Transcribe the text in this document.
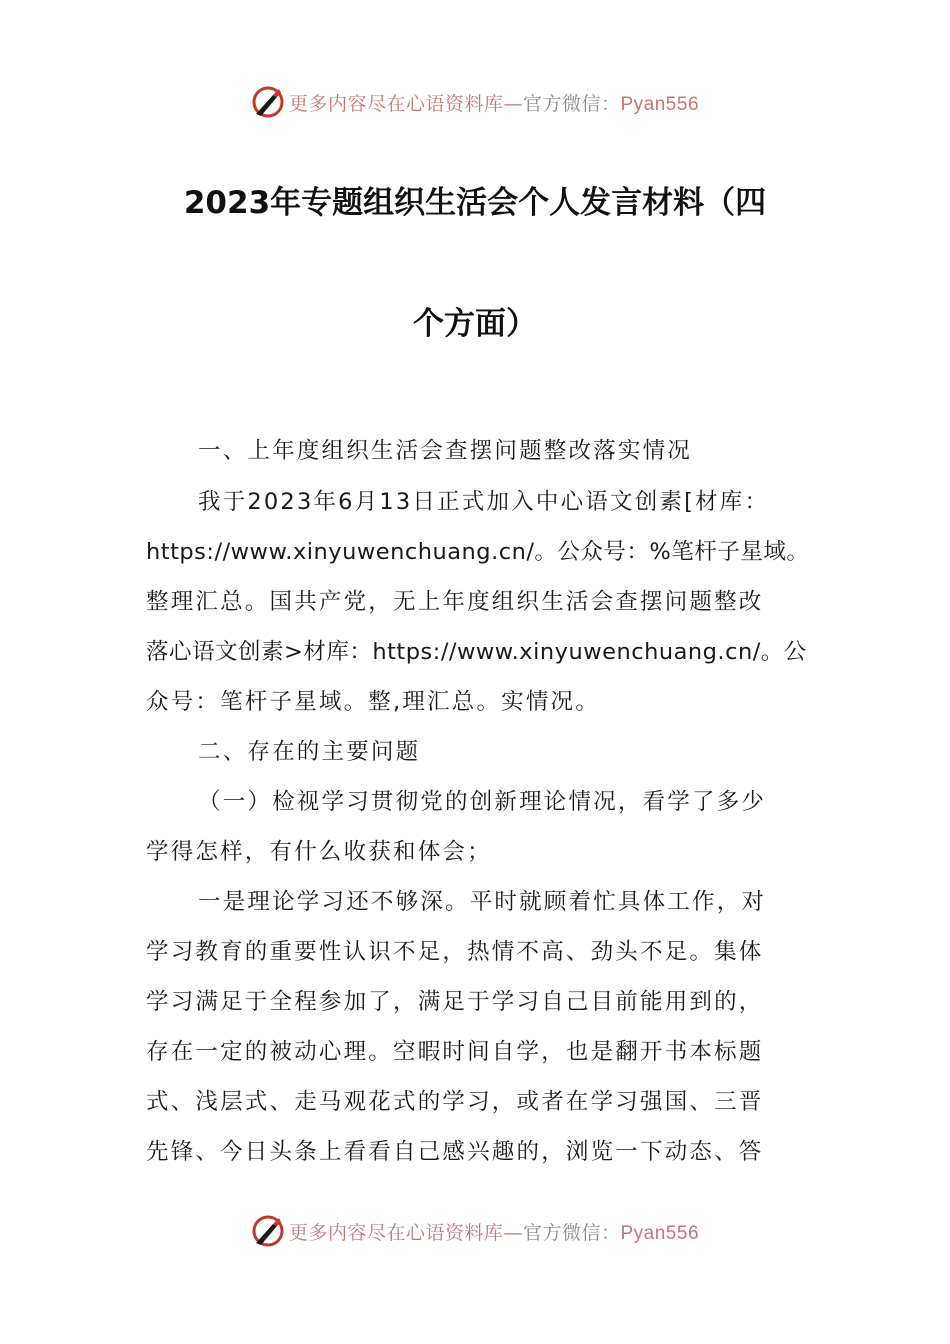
更多内容尽在心语资料库—官方微信：Pyan556
2023年专题组织生活会个人发言材料（四
个方面）
一、上年度组织生活会查摆问题整改落实情况
我于2023年6月13日正式加入中心语文创素[材库：
https://www.xinyuwenchuang.cn/。公众号：%笔杆子星域。
整理汇总。国共产党，无上年度组织生活会查摆问题整改
落心语文创素>材库：https://www.xinyuwenchuang.cn/。公
众号：笔杆子星域。整,理汇总。实情况。
二、存在的主要问题
（一）检视学习贯彻党的创新理论情况，看学了多少
学得怎样，有什么收获和体会；
一是理论学习还不够深。平时就顾着忙具体工作，对
学习教育的重要性认识不足，热情不高、劲头不足。集体
学习满足于全程参加了，满足于学习自己目前能用到的，
存在一定的被动心理。空暇时间自学，也是翻开书本标题
式、浅层式、走马观花式的学习，或者在学习强国、三晋
先锋、今日头条上看看自己感兴趣的，浏览一下动态、答
更多内容尽在心语资料库—官方微信：Pyan556
